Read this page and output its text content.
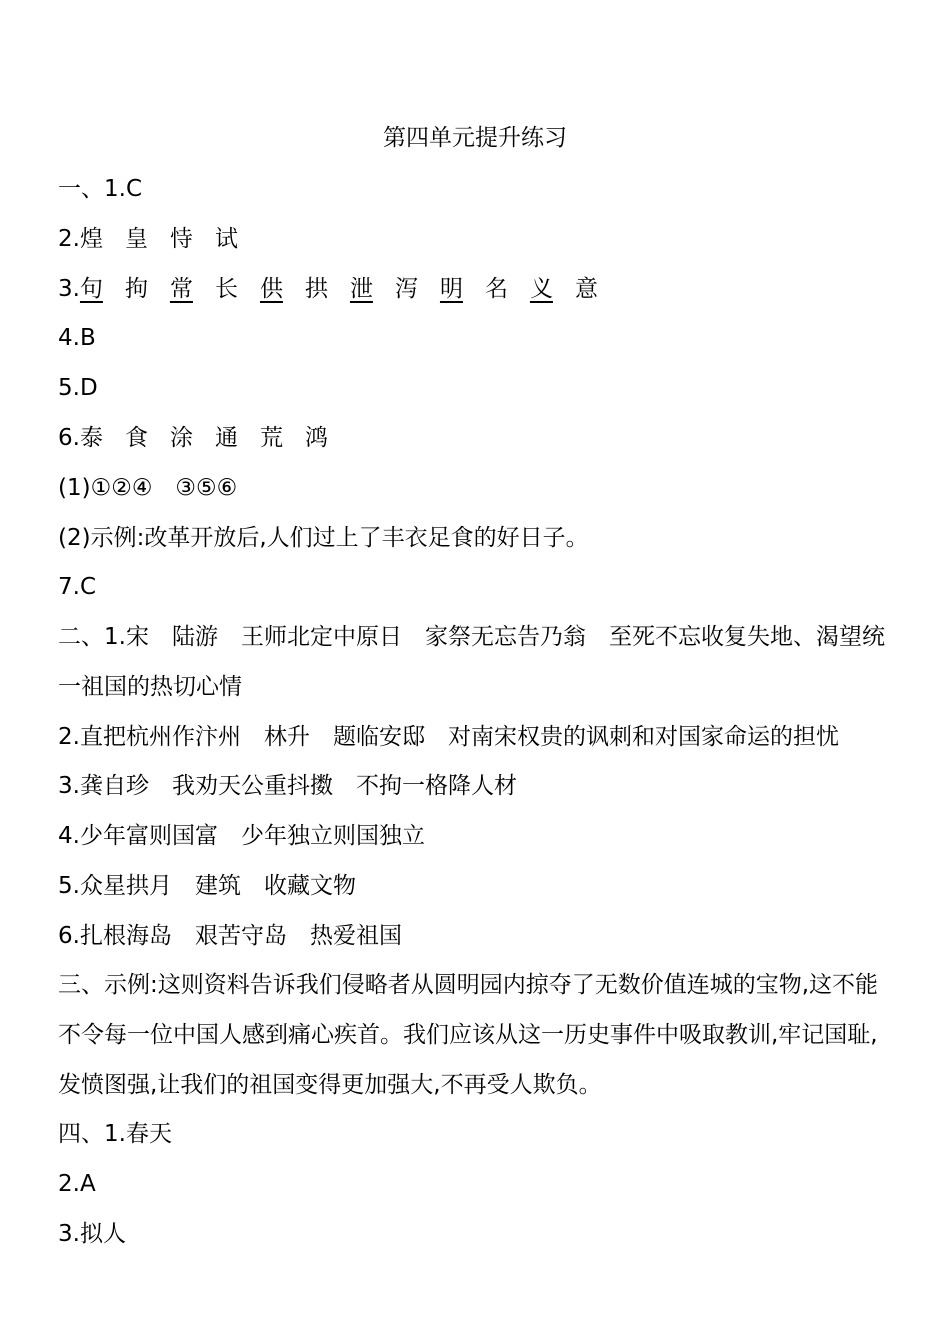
第四单元提升练习
一、1.C
2.煌 皇 恃 试
3.句 拘 常 长 供 拱 泄 泻 明 名 义 意
4.B
5.D
6.泰 食 涂 通 荒 鸿
(1)①②④　③⑤⑥
(2)示例:改革开放后,人们过上了丰衣足食的好日子。
7.C
二、1.宋　陆游　王师北定中原日　家祭无忘告乃翁　至死不忘收复失地、渴望统一祖国的热切心情
2.直把杭州作汴州　林升　题临安邸　对南宋权贵的讽刺和对国家命运的担忧
3.龚自珍　我劝天公重抖擞　不拘一格降人材
4.少年富则国富　少年独立则国独立
5.众星拱月　建筑　收藏文物
6.扎根海岛　艰苦守岛　热爱祖国
三、示例:这则资料告诉我们侵略者从圆明园内掠夺了无数价值连城的宝物,这不能不令每一位中国人感到痛心疾首。我们应该从这一历史事件中吸取教训,牢记国耻,发愤图强,让我们的祖国变得更加强大,不再受人欺负。
四、1.春天
2.A
3.拟人
